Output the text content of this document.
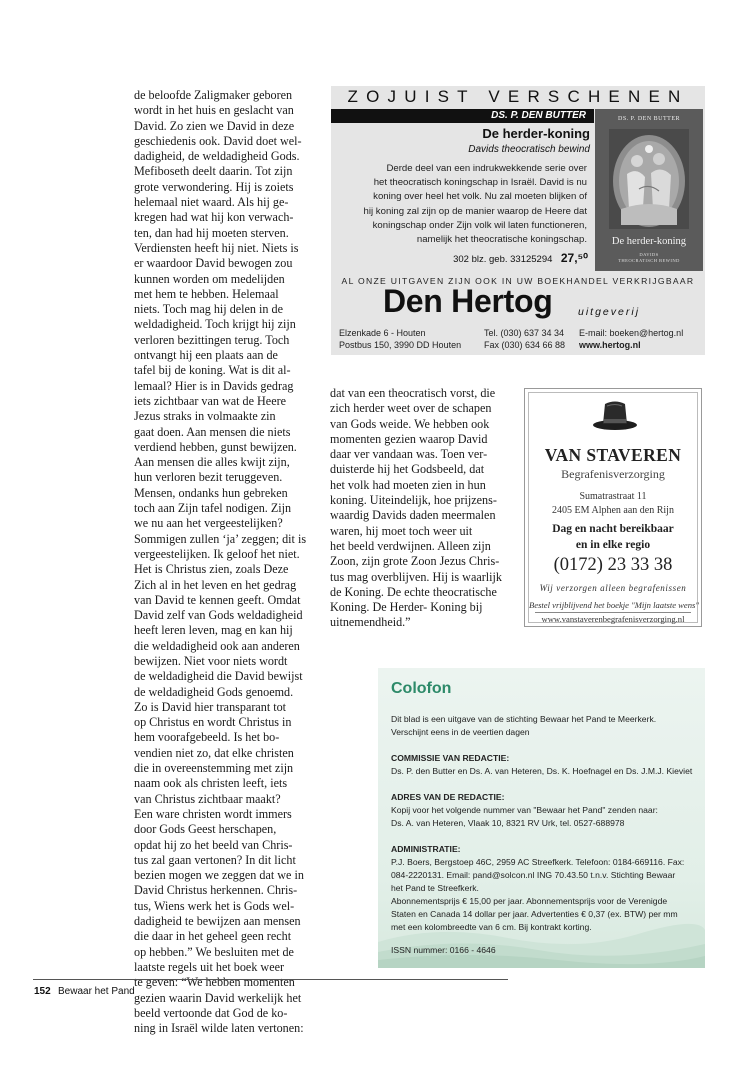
de beloofde Zaligmaker geboren
wordt in het huis en geslacht van
David. Zo zien we David in deze
geschiedenis ook. David doet wel-
dadigheid, de weldadigheid Gods.
Mefiboseth deelt daarin. Tot zijn
grote verwondering. Hij is zoiets
helemaal niet waard. Als hij ge-
kregen had wat hij kon verwach-
ten, dan had hij moeten sterven.
Verdiensten heeft hij niet. Niets is
er waardoor David bewogen zou
kunnen worden om medelijden
met hem te hebben. Helemaal
niets. Toch mag hij delen in de
weldadigheid. Toch krijgt hij zijn
verloren bezittingen terug. Toch
ontvangt hij een plaats aan de
tafel bij de koning. Wat is dit al-
lemaal? Hier is in Davids gedrag
iets zichtbaar van wat de Heere
Jezus straks in volmaakte zin
gaat doen. Aan mensen die niets
verdiend hebben, gunst bewijzen.
Aan mensen die alles kwijt zijn,
hun verloren bezit teruggeven.
Mensen, ondanks hun gebreken
toch aan Zijn tafel nodigen. Zijn
we nu aan het vergeestelijken?
Sommigen zullen ‘ja’ zeggen; dit is
vergeestelijken. Ik geloof het niet.
Het is Christus zien, zoals Deze
Zich al in het leven en het gedrag
van David te kennen geeft. Omdat
David zelf van Gods weldadigheid
heeft leren leven, mag en kan hij
die weldadigheid ook aan anderen
bewijzen. Niet voor niets wordt
de weldadigheid die David bewijst
de weldadigheid Gods genoemd.
Zo is David hier transparant tot
op Christus en wordt Christus in
hem voorafgebeeld. Is het bo-
vendien niet zo, dat elke christen
die in overeenstemming met zijn
naam ook als christen leeft, iets
van Christus zichtbaar maakt?
Een ware christen wordt immers
door Gods Geest herschapen,
opdat hij zo het beeld van Chris-
tus zal gaan vertonen? In dit licht
bezien mogen we zeggen dat we in
David Christus herkennen. Chris-
tus, Wiens werk het is Gods wel-
dadigheid te bewijzen aan mensen
die daar in het geheel geen recht
op hebben.” We besluiten met de
laatste regels uit het boek weer
te geven: “We hebben momenten
gezien waarin David werkelijk het
beeld vertoonde dat God de ko-
ning in Israël wilde laten vertonen:
dat van een theocratisch vorst, die
zich herder weet over de schapen
van Gods weide. We hebben ook
momenten gezien waarop David
daar ver vandaan was. Toen ver-
duisterde hij het Godsbeeld, dat
het volk had moeten zien in hun
koning. Uiteindelijk, hoe prijzens-
waardig Davids daden meermalen
waren, hij moet toch weer uit
het beeld verdwijnen. Alleen zijn
Zoon, zijn grote Zoon Jezus Chris-
tus mag overblijven. Hij is waarlijk
de Koning. De echte theocratische
Koning. De Herder- Koning bij
uitnemendheid.”
ZOJUIST VERSCHENEN
DS. P. DEN BUTTER
De herder-koning
Davids theocratisch bewind
Derde deel van een indrukwekkende serie over
het theocratisch koningschap in Israël. David is nu
koning over heel het volk. Nu zal moeten blijken of
hij koning zal zijn op de manier waarop de Heere dat
koningschap onder Zijn volk wil laten functioneren,
namelijk het theocratische koningschap.
302 blz. geb. 33125294 27,⁵⁰
DS. P. DEN BUTTER
De herder-koning
DAVIDS
THEOCRATISCH BEWIND
AL ONZE UITGAVEN ZIJN OOK IN UW BOEKHANDEL VERKRIJGBAAR
Den Hertog uitgeverij
Elzenkade 6 - Houten
Postbus 150, 3990 DD Houten
Tel. (030) 637 34 34
Fax (030) 634 66 88
E-mail: boeken@hertog.nl
www.hertog.nl
VAN STAVEREN
Begrafenisverzorging
Sumatrastraat 11
2405 EM Alphen aan den Rijn
Dag en nacht bereikbaar
en in elke regio
(0172) 23 33 38
Wij verzorgen alleen begrafenissen
Bestel vrijblijvend het boekje "Mijn laatste wens"
www.vanstaverenbegrafenisverzorging.nl
Colofon
Dit blad is een uitgave van de stichting Bewaar het Pand te Meerkerk.
Verschijnt eens in de veertien dagen
COMMISSIE VAN REDACTIE:
Ds. P. den Butter en Ds. A. van Heteren, Ds. K. Hoefnagel en Ds. J.M.J. Kieviet
ADRES VAN DE REDACTIE:
Kopij voor het volgende nummer van "Bewaar het Pand" zenden naar:
Ds. A. van Heteren, Vlaak 10, 8321 RV Urk, tel. 0527-688978
ADMINISTRATIE:
P.J. Boers, Bergstoep 46C, 2959 AC Streefkerk. Telefoon: 0184-669116. Fax:
084-2220131. Email: pand@solcon.nl ING 70.43.50 t.n.v. Stichting Bewaar
het Pand te Streefkerk.
Abonnementsprijs € 15,00 per jaar. Abonnementsprijs voor de Verenigde
Staten en Canada 14 dollar per jaar. Advertenties € 0,37 (ex. BTW) per mm
met een kolombreedte van 6 cm. Bij kontrakt korting.
ISSN nummer: 0166 - 4646
152 Bewaar het Pand
